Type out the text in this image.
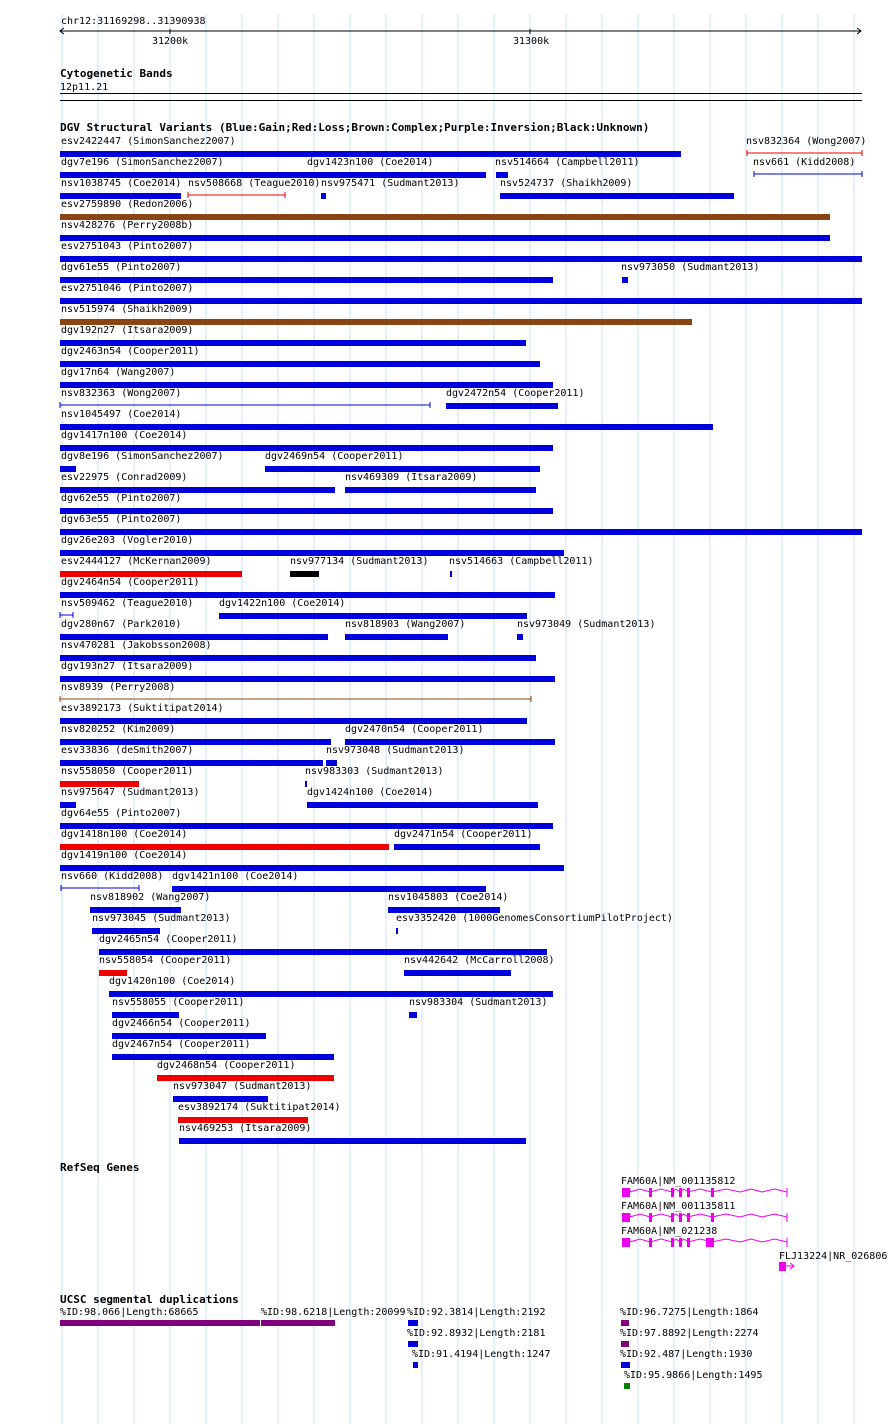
chr12:31169298..31390938
31200k	31300k
Cytogenetic Bands
12p11.21
DGV Structural Variants (Blue:Gain;Red:Loss;Brown:Complex;Purple:Inversion;Black:Unknown)
esv2422447 (SimonSanchez2007)	nsv832364 (Wong2007)
dgv7e196 (SimonSanchez2007)	dgv1423n100 (Coe2014)	nsv514664 (Campbell2011)	nsv661 (Kidd2008)
nsv1038745 (Coe2014) nsv508668 (Teague2010) nsv975471 (Sudmant2013)	nsv524737 (Shaikh2009)
esv2759890 (Redon2006)
nsv428276 (Perry2008b)
esv2751043 (Pinto2007)
dgv61e55 (Pinto2007)	nsv973050 (Sudmant2013)
esv2751046 (Pinto2007)
nsv515974 (Shaikh2009)
dgv192n27 (Itsara2009)
dgv2463n54 (Cooper2011)
dgv17n64 (Wang2007)
nsv832363 (Wong2007)	dgv2472n54 (Cooper2011)
nsv1045497 (Coe2014)
dgv1417n100 (Coe2014)
dgv8e196 (SimonSanchez2007)	dgv2469n54 (Cooper2011)
esv22975 (Conrad2009)	nsv469309 (Itsara2009)
dgv62e55 (Pinto2007)
dgv63e55 (Pinto2007)
dgv26e203 (Vogler2010)
esv2444127 (McKernan2009)	nsv977134 (Sudmant2013) nsv514663 (Campbell2011)
dgv2464n54 (Cooper2011)
nsv509462 (Teague2010)	dgv1422n100 (Coe2014)
dgv280n67 (Park2010)	nsv818903 (Wang2007)	nsv973049 (Sudmant2013)
nsv470281 (Jakobsson2008)
dgv193n27 (Itsara2009)
nsv8939 (Perry2008)
esv3892173 (Suktitipat2014)
nsv820252 (Kim2009)	dgv2470n54 (Cooper2011)
esv33836 (deSmith2007)	nsv973048 (Sudmant2013)
nsv558050 (Cooper2011)	nsv983303 (Sudmant2013)
nsv975647 (Sudmant2013)	dgv1424n100 (Coe2014)
dgv64e55 (Pinto2007)
dgv1418n100 (Coe2014)	dgv2471n54 (Cooper2011)
dgv1419n100 (Coe2014)
nsv660 (Kidd2008) dgv1421n100 (Coe2014)
nsv818902 (Wang2007)	nsv1045803 (Coe2014)
nsv973045 (Sudmant2013)	esv3352420 (1000GenomesConsortiumPilotProject)
dgv2465n54 (Cooper2011)
nsv558054 (Cooper2011)	nsv442642 (McCarroll2008)
dgv1420n100 (Coe2014)
nsv558055 (Cooper2011)	nsv983304 (Sudmant2013)
dgv2466n54 (Cooper2011)
dgv2467n54 (Cooper2011)
dgv2468n54 (Cooper2011)
nsv973047 (Sudmant2013)
esv3892174 (Suktitipat2014)
nsv469253 (Itsara2009)
RefSeq Genes
FAM60A|NM_001135812
FAM60A|NM_001135811
FAM60A|NM_021238
FLJ13224|NR_026806
UCSC segmental duplications
%ID:98.066|Length:68665	%ID:98.6218|Length:20099 %ID:92.3814|Length:2192
%ID:92.8932|Length:2181
%ID:91.4194|Length:1247
%ID:96.7275|Length:1864
%ID:97.8892|Length:2274
%ID:92.487|Length:1930
%ID:95.9866|Length:1495
